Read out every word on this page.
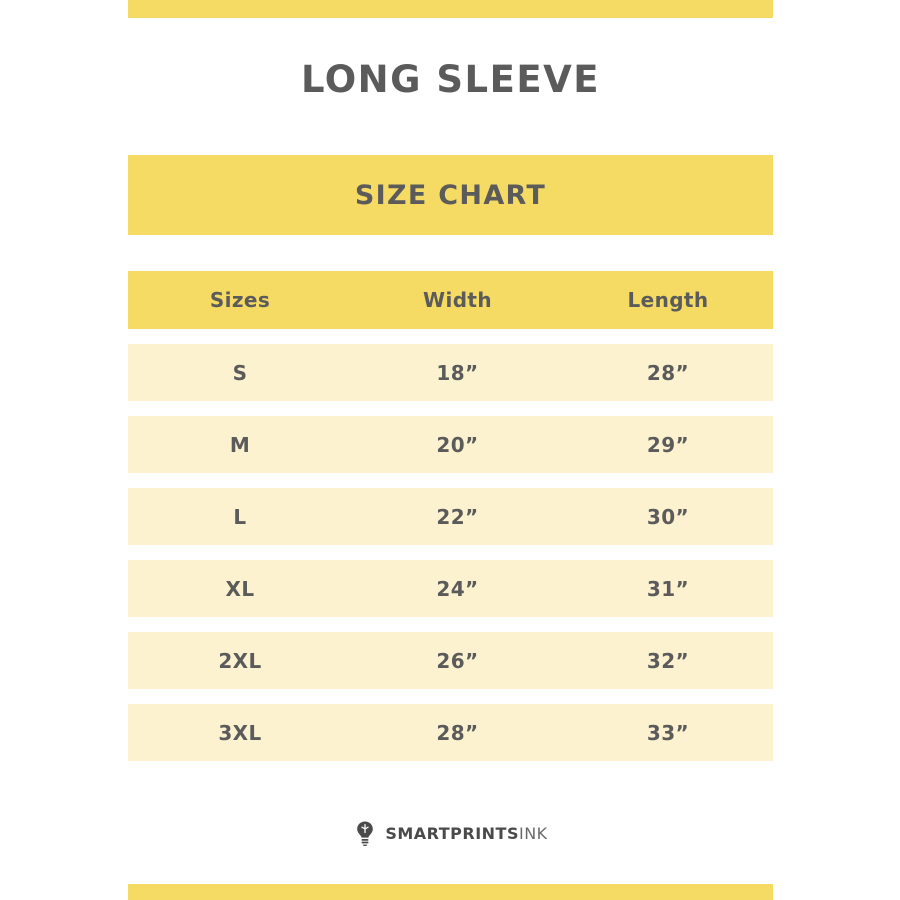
LONG SLEEVE
SIZE CHART
Sizes	Width	Length
S	18”	28”
M	20”	29”
L	22”	30”
XL	24”	31”
2XL	26”	32”
3XL	28”	33”
SMARTPRINTSINK
